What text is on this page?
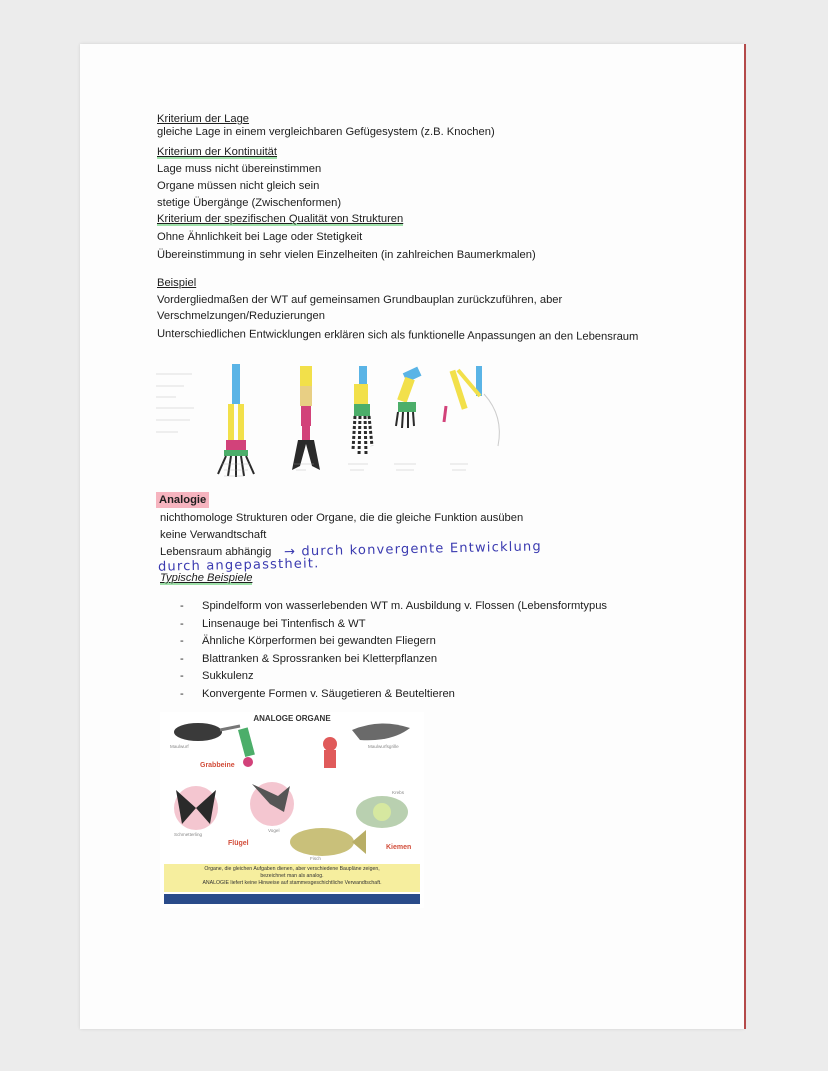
Kriterium der Lage
gleiche Lage in einem vergleichbaren Gefügesystem (z.B. Knochen)
Kriterium der Kontinuität
Lage muss nicht übereinstimmen
Organe müssen nicht gleich sein
stetige Übergänge (Zwischenformen)
Kriterium der spezifischen Qualität von Strukturen
Ohne Ähnlichkeit bei Lage oder Stetigkeit
Übereinstimmung in sehr vielen Einzelheiten (in zahlreichen Baumerkmalen)
Beispiel
Vordergliedmaßen der WT auf gemeinsamen Grundbauplan zurückzuführen, aber
Verschmelzungen/Reduzierungen
Unterschiedlichen Entwicklungen erklären sich als funktionelle Anpassungen an den Lebensraum
Analogie
nichthomologe Strukturen oder Organe, die die gleiche Funktion ausüben
keine Verwandtschaft
Lebensraum abhängig → durch konvergente Entwicklung
durch angepasstheit.
Typische Beispiele
- Spindelform von wasserlebenden WT m. Ausbildung v. Flossen (Lebensformtypus
- Linsenauge bei Tintenfisch & WT
- Ähnliche Körperformen bei gewandten Fliegern
- Blattranken & Sprossranken bei Kletterpflanzen
- Sukkulenz
- Konvergente Formen v. Säugetieren & Beuteltieren
ANALOGE ORGANE
Maulwurf	Maulwurfsgrille
Grabbeine
Schmetterling
Vogel
Flügel
Fisch
Krebs
Kiemen
Organe, die gleichen Aufgaben dienen, aber verschiedene Baupläne zeigen,
bezeichnet man als analog.
ANALOGIE liefert keine Hinweise auf stammesgeschichtliche Verwandtschaft.
